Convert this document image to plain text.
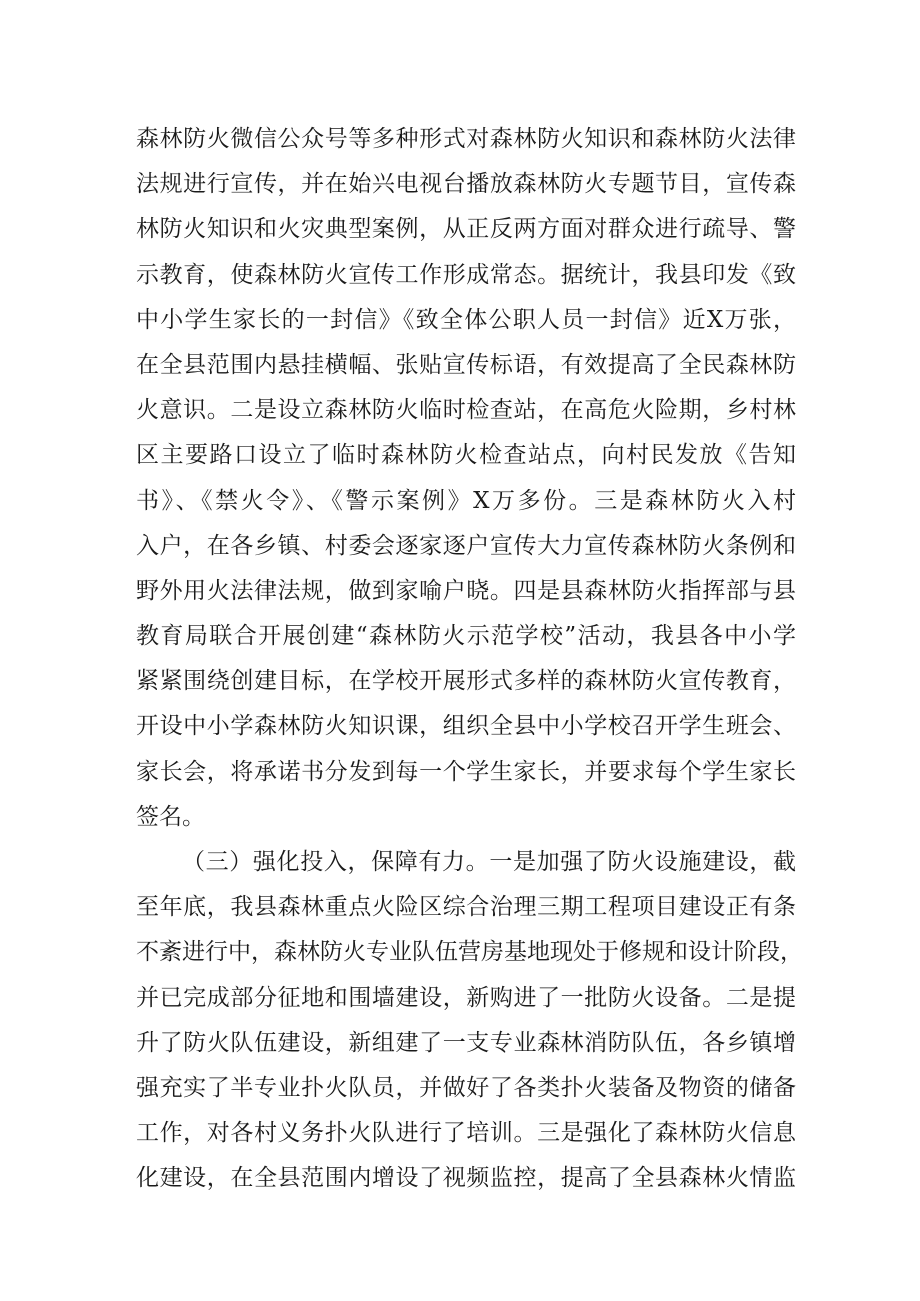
森林防火微信公众号等多种形式对森林防火知识和森林防火法律
法规进行宣传，并在始兴电视台播放森林防火专题节目，宣传森
林防火知识和火灾典型案例，从正反两方面对群众进行疏导、警
示教育，使森林防火宣传工作形成常态。据统计，我县印发《致
中小学生家长的一封信》《致全体公职人员一封信》近X万张，
在全县范围内悬挂横幅、张贴宣传标语，有效提高了全民森林防
火意识。二是设立森林防火临时检查站，在高危火险期，乡村林
区主要路口设立了临时森林防火检查站点，向村民发放《告知
书》、《禁火令》、《警示案例》X万多份。三是森林防火入村
入户，在各乡镇、村委会逐家逐户宣传大力宣传森林防火条例和
野外用火法律法规，做到家喻户晓。四是县森林防火指挥部与县
教育局联合开展创建“森林防火示范学校”活动，我县各中小学
紧紧围绕创建目标，在学校开展形式多样的森林防火宣传教育，
开设中小学森林防火知识课，组织全县中小学校召开学生班会、
家长会，将承诺书分发到每一个学生家长，并要求每个学生家长
签名。
（三）强化投入，保障有力。一是加强了防火设施建设，截
至年底，我县森林重点火险区综合治理三期工程项目建设正有条
不紊进行中，森林防火专业队伍营房基地现处于修规和设计阶段，
并已完成部分征地和围墙建设，新购进了一批防火设备。二是提
升了防火队伍建设，新组建了一支专业森林消防队伍，各乡镇增
强充实了半专业扑火队员，并做好了各类扑火装备及物资的储备
工作，对各村义务扑火队进行了培训。三是强化了森林防火信息
化建设，在全县范围内增设了视频监控，提高了全县森林火情监
